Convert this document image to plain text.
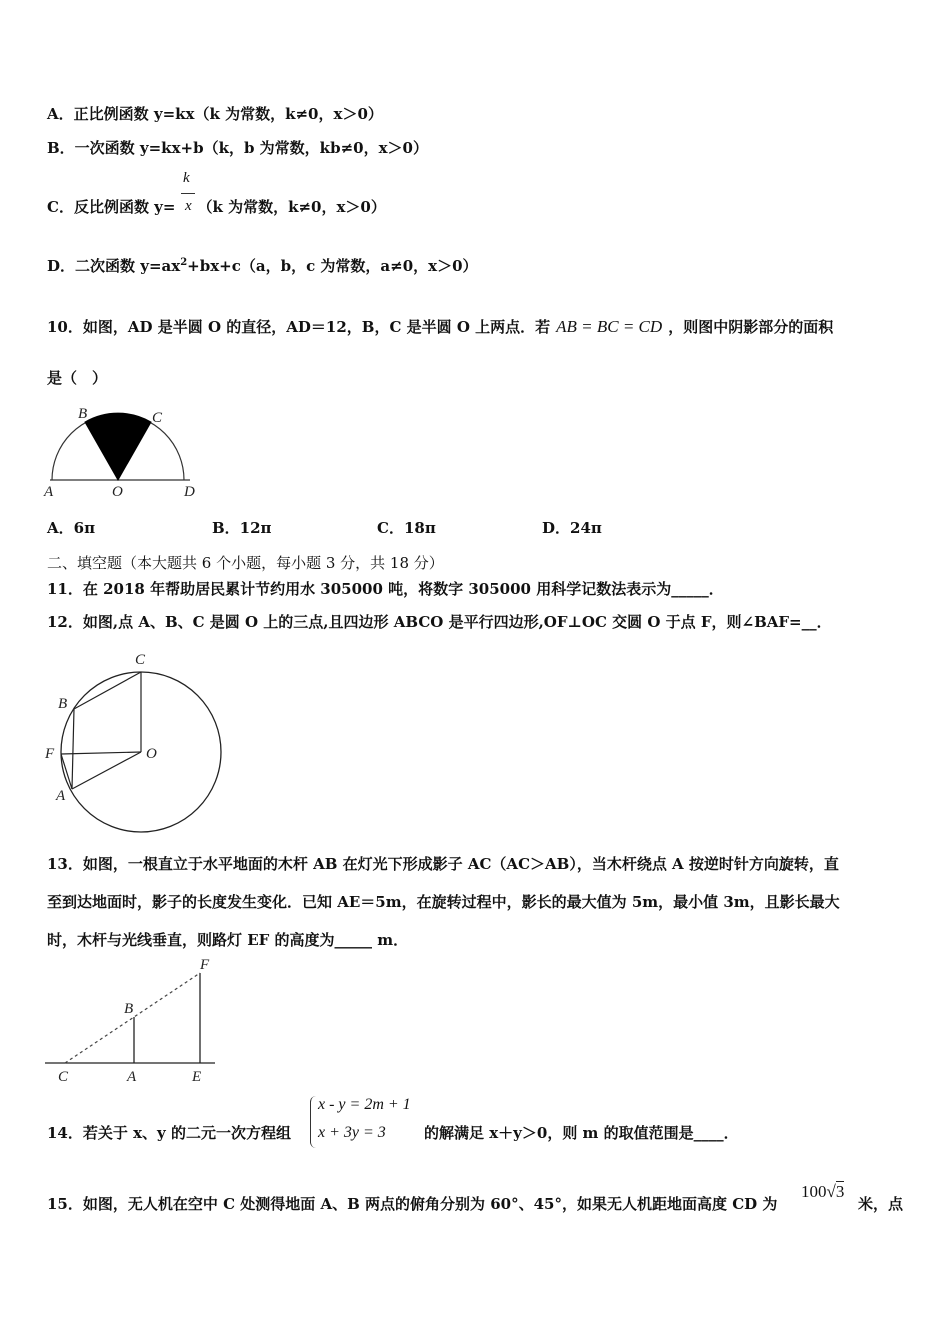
A．正比例函数 y=kx（k 为常数，k≠0，x＞0）
B．一次函数 y=kx+b（k，b 为常数，kb≠0，x＞0）
C．反比例函数 y= （k 为常数，k≠0，x＞0）
k
x
D．二次函数 $y=ax^2+bx+c(a$，b，c 为常数，a≠0，x＞0）
10．如图，AD 是半圆 O 的直径，AD＝12，B，C 是半圆 O 上两点．若 AB = BC = CD ，则图中阴影部分的面积
是（　）
B	C
A	O	D
A．6π	B．12π	C．18π	D．24π
二、填空题（本大题共 6 个小题，每小题 3 分，共 18 分）
11．在 2018 年帮助居民累计节约用水 305000 吨，将数字 305000 用科学记数法表示为_____．
12．如图,点 A、B、C 是圆 O 上的三点,且四边形 ABCO 是平行四边形,OF⊥OC 交圆 O 于点 F，则∠BAF=__．
C
B
F	O
A
13．如图，一根直立于水平地面的木杆 AB 在灯光下形成影子 AC（AC＞AB），当木杆绕点 A 按逆时针方向旋转，直
至到达地面时，影子的长度发生变化．已知 AE＝5m，在旋转过程中，影长的最大值为 5m，最小值 3m，且影长最大
时，木杆与光线垂直，则路灯 EF 的高度为_____ m．
F
B
C	A	E
14．若关于 x、y 的二元一次方程组
x - y = 2m + 1
x + 3y = 3	的解满足 x＋y＞0，则 m 的取值范围是____．
15．如图，无人机在空中 C 处测得地面 A、B 两点的俯角分别为 60°、45°，如果无人机距地面高度 CD 为
100√3
米，点
